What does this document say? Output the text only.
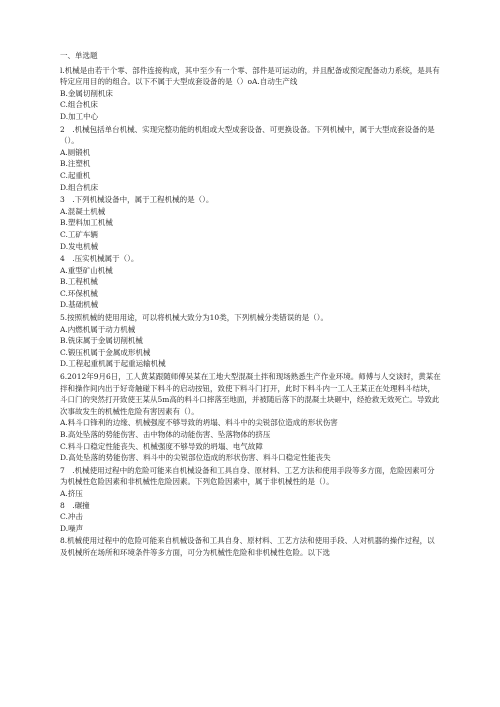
一、单选题

l.机械是由若干个零、部件连接构成，其中至少有一个零、部件是可运动的，并且配备或预定配备动力系统，是具有特定应用目的的组合。以下不属于大型成套设备的是（）oA.自动生产线

B.金属切削机床

C.组合机床

D.加工中心

2　.机械包括单台机械、实现完整功能的机组或大型成套设备、可更换设备。下列机械中，属于大型成套设备的是（）。

A.厕锻机

B.注塑机

C.起重机

D.组合机床

3　.下列机械设备中，属于工程机械的是（）。

A.混凝土机械

B.塑料加工机械

C.工矿车辆

D.发电机械

4　.压实机械属于（）。

A.重型矿山机械

B.工程机械

C.环保机械

D.基础机械

5.按照机械的使用用途，可以将机械大致分为10类，下列机械分类错误的是（）。

A.内燃机属于动力机械

B.铣床属于金属切削机械

C.锻压机属于金属成形机械

D.工程起重机属于起重运输机械

6.2012年9月6日，工人黄某跟随师傅吴某在工地大型混凝土拌和现场熟悉生产作业环境。师傅与人交谈时，黄某在拌和操作间内出于好奇触碰下料斗的启动按钮，致使下料斗门打开，此时下料斗内一工人王某正在处理料斗结块，斗口门的突然打开致使王某从5m高的料斗口摔落至地面，并被随后落下的混凝土块砸中，经抢救无效死亡。导致此次事故发生的机械性危险有害因素有（）。

A.料斗口锋利的边缘、机械强度不够导致的坍塌、料斗中的尖锐部位造成的形状伤害

B.高处坠落的势能伤害、击中物体的动能伤害、坠落物体的挤压

C.料斗口稳定性能丧失、机械强度不够导致的坍塌、电气故障

D.高处坠落的势能伤害、料斗中的尖锐部位造成的形状伤害、料斗口稳定性能丧失

7　.机械使用过程中的危险可能来自机械设备和工具自身、原材料、工艺方法和使用手段等多方面，危险因素可分为机械性危险因素和非机械性危险因素。下列危险因素中，属于非机械性的是（）。

A.挤压

8　.碾撞

C.冲击

D.噪声

8.机械使用过程中的危险可能来自机械设备和工具自身、原材料、工艺方法和使用手段、人对机器的操作过程，以及机械所在场所和环境条件等多方面，可分为机械性危险和非机械性危险。以下选
